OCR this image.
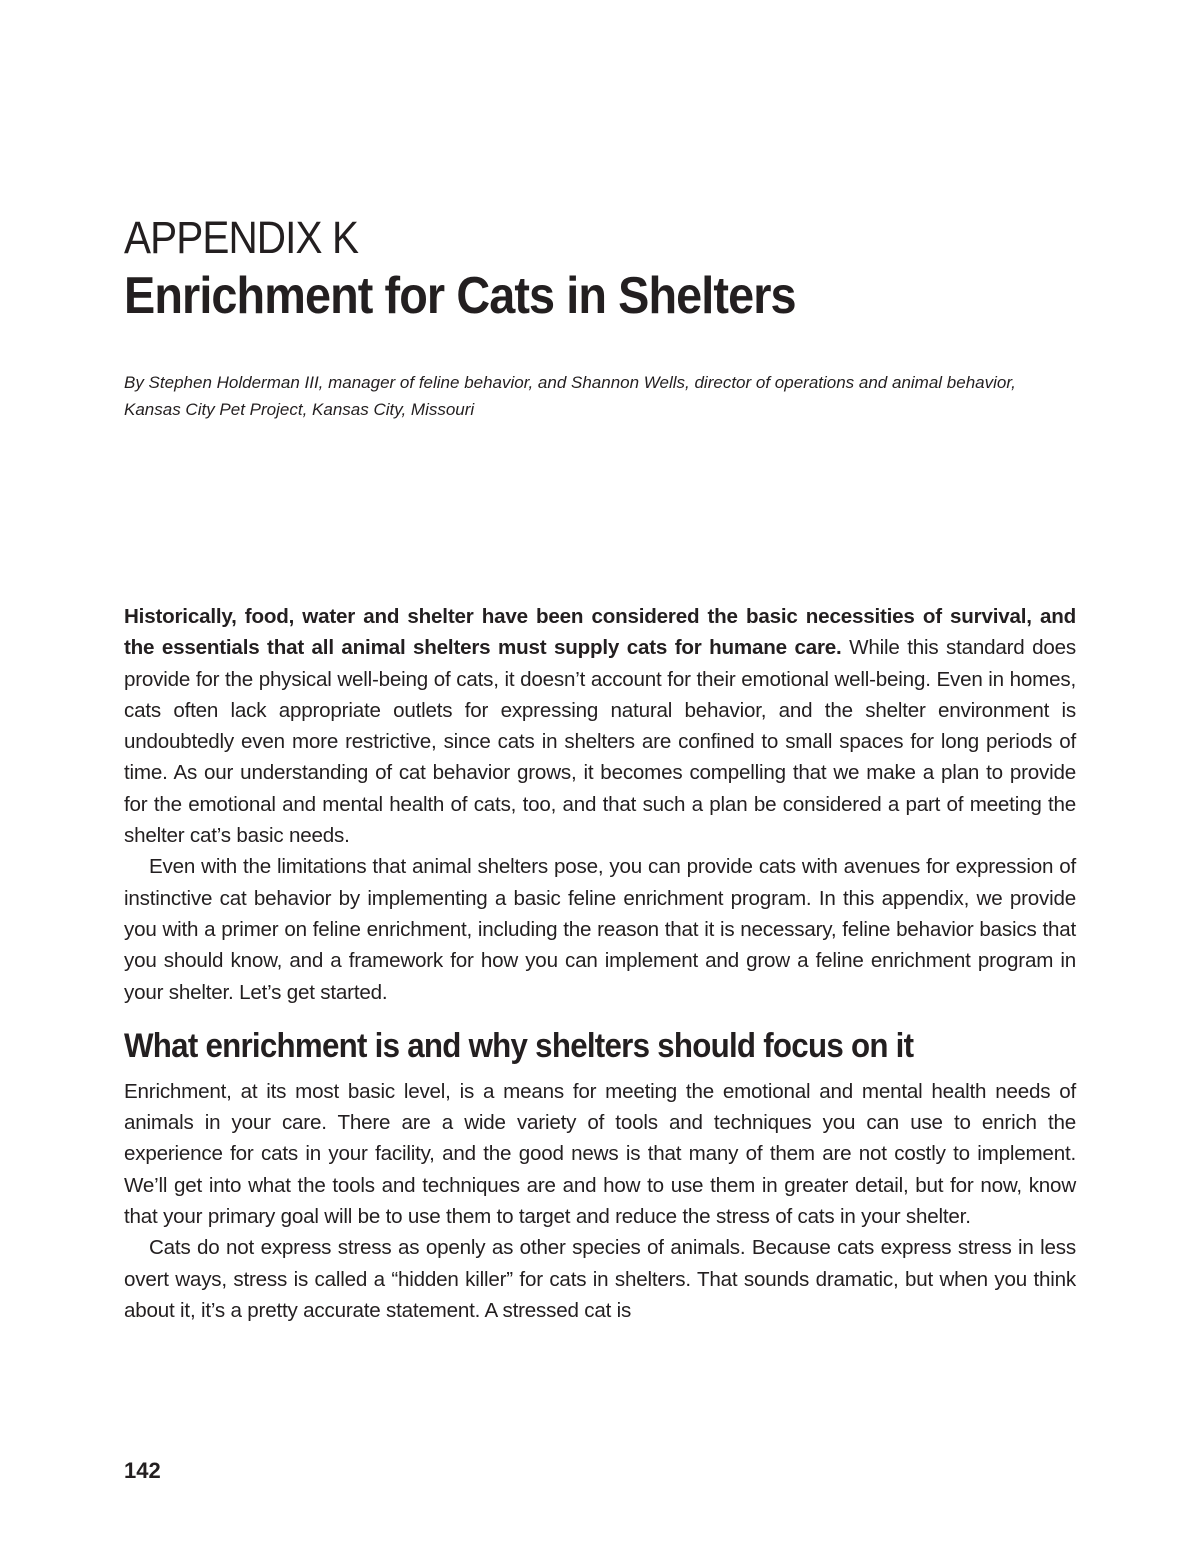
APPENDIX K
Enrichment for Cats in Shelters

By Stephen Holderman III, manager of feline behavior, and Shannon Wells, director of operations and animal behavior, Kansas City Pet Project, Kansas City, Missouri

Historically, food, water and shelter have been considered the basic necessities of survival, and the essentials that all animal shelters must supply cats for humane care. While this standard does provide for the physical well-being of cats, it doesn’t account for their emotional well-being. Even in homes, cats often lack appropriate outlets for expressing natural behavior, and the shelter environment is undoubtedly even more restrictive, since cats in shelters are confined to small spaces for long periods of time. As our understanding of cat behavior grows, it becomes compelling that we make a plan to provide for the emotional and mental health of cats, too, and that such a plan be considered a part of meeting the shelter cat’s basic needs.

Even with the limitations that animal shelters pose, you can provide cats with avenues for expression of instinctive cat behavior by implementing a basic feline enrichment program. In this appendix, we provide you with a primer on feline enrichment, including the reason that it is necessary, feline behavior basics that you should know, and a framework for how you can implement and grow a feline enrichment program in your shelter. Let’s get started.

What enrichment is and why shelters should focus on it

Enrichment, at its most basic level, is a means for meeting the emotional and mental health needs of animals in your care. There are a wide variety of tools and techniques you can use to enrich the experience for cats in your facility, and the good news is that many of them are not costly to implement. We’ll get into what the tools and techniques are and how to use them in greater detail, but for now, know that your primary goal will be to use them to target and reduce the stress of cats in your shelter.

Cats do not express stress as openly as other species of animals. Because cats express stress in less overt ways, stress is called a “hidden killer” for cats in shelters. That sounds dramatic, but when you think about it, it’s a pretty accurate statement. A stressed cat is

142
